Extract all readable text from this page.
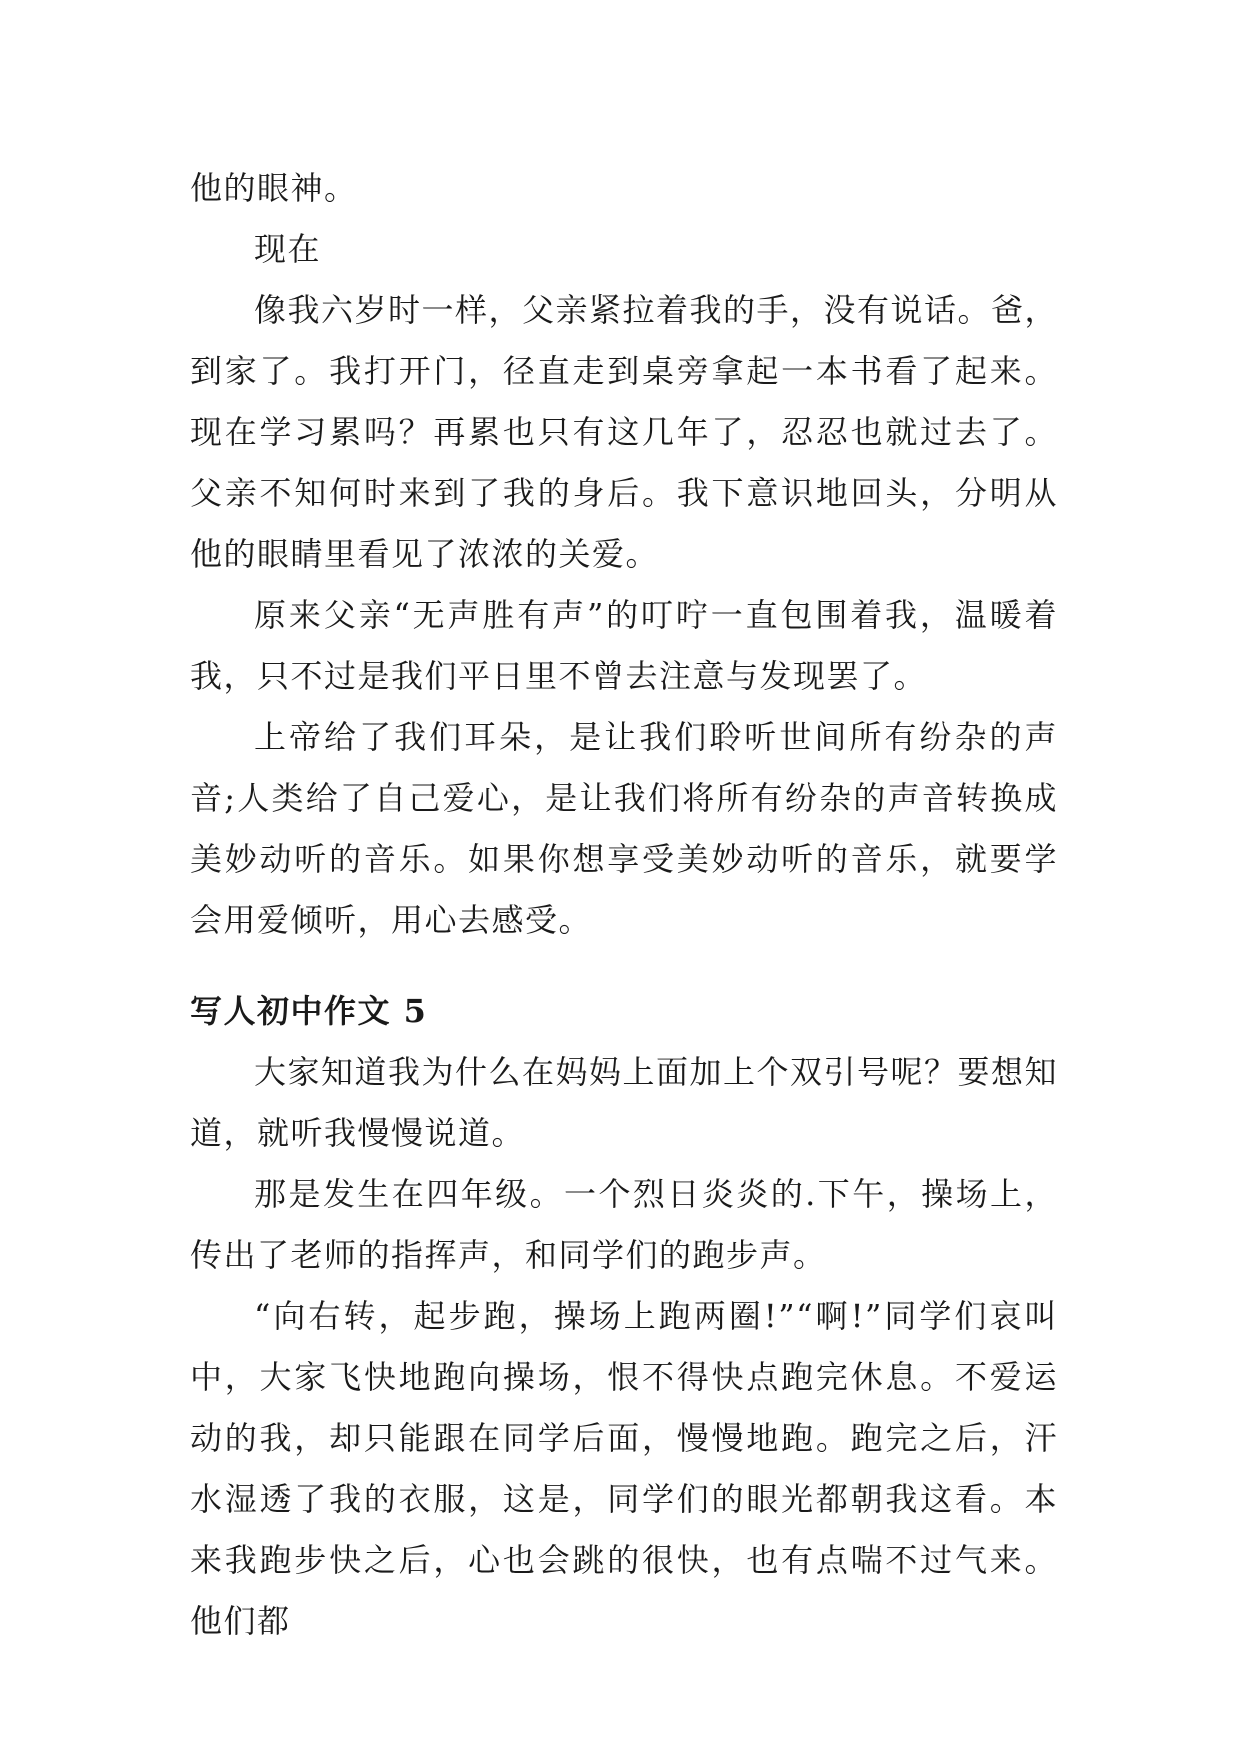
他的眼神。

现在

像我六岁时一样，父亲紧拉着我的手，没有说话。爸，到家了。我打开门，径直走到桌旁拿起一本书看了起来。现在学习累吗？再累也只有这几年了，忍忍也就过去了。父亲不知何时来到了我的身后。我下意识地回头，分明从他的眼睛里看见了浓浓的关爱。

原来父亲“无声胜有声”的叮咛一直包围着我，温暖着我，只不过是我们平日里不曾去注意与发现罢了。

上帝给了我们耳朵，是让我们聆听世间所有纷杂的声音;人类给了自己爱心，是让我们将所有纷杂的声音转换成美妙动听的音乐。如果你想享受美妙动听的音乐，就要学会用爱倾听，用心去感受。

写人初中作文 5

大家知道我为什么在妈妈上面加上个双引号呢？要想知道，就听我慢慢说道。

那是发生在四年级。一个烈日炎炎的.下午，操场上，传出了老师的指挥声，和同学们的跑步声。

“向右转，起步跑，操场上跑两圈!”“啊!”同学们哀叫中，大家飞快地跑向操场，恨不得快点跑完休息。不爱运动的我，却只能跟在同学后面，慢慢地跑。跑完之后，汗水湿透了我的衣服，这是，同学们的眼光都朝我这看。本来我跑步快之后，心也会跳的很快，也有点喘不过气来。他们都
